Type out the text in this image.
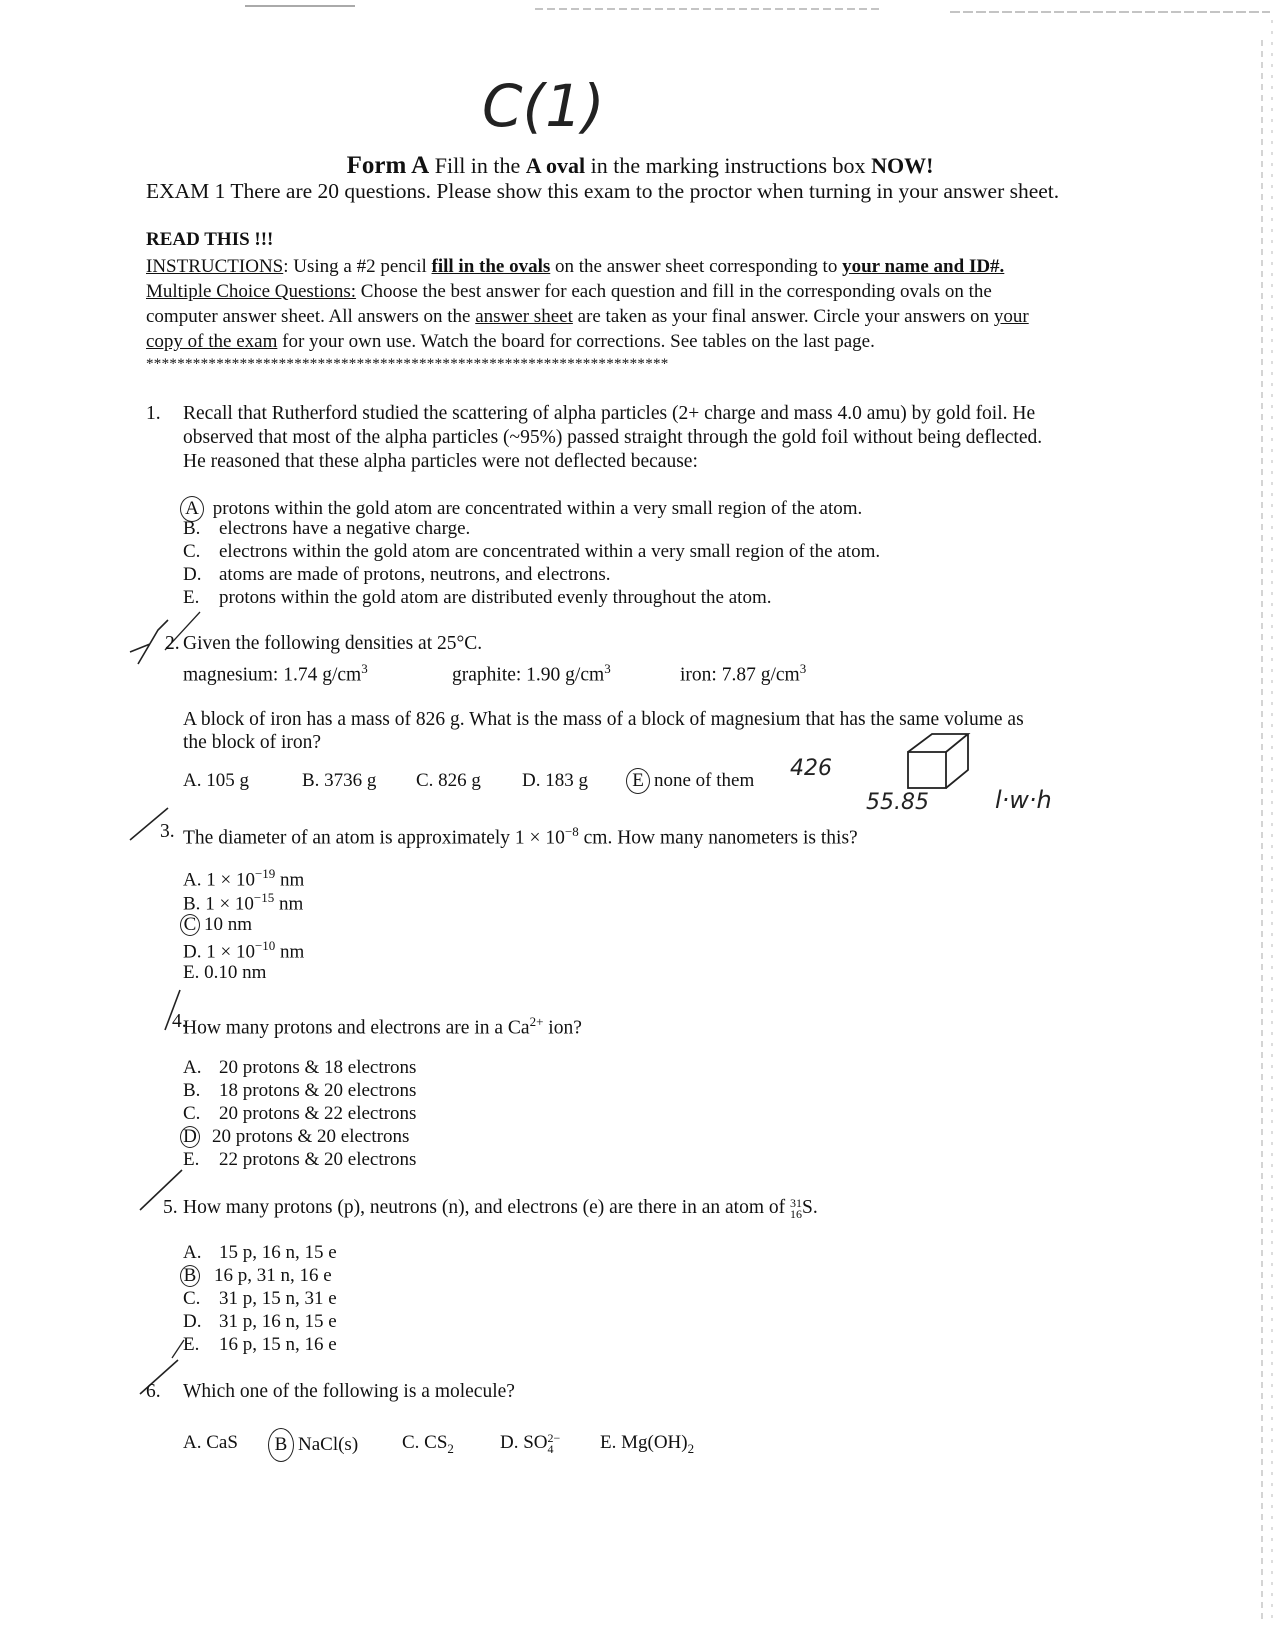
C(1)
Form A Fill in the A oval in the marking instructions box NOW!
EXAM 1 There are 20 questions. Please show this exam to the proctor when turning in your answer sheet.
READ THIS !!!
INSTRUCTIONS: Using a #2 pencil fill in the ovals on the answer sheet corresponding to your name and ID#.
Multiple Choice Questions: Choose the best answer for each question and fill in the corresponding ovals on the
computer answer sheet. All answers on the answer sheet are taken as your final answer. Circle your answers on your
copy of the exam for your own use. Watch the board for corrections. See tables on the last page.
*******************************************************************
1. Recall that Rutherford studied the scattering of alpha particles (2+ charge and mass 4.0 amu) by gold foil. He
observed that most of the alpha particles (~95%) passed straight through the gold foil without being deflected.
He reasoned that these alpha particles were not deflected because:
A protons within the gold atom are concentrated within a very small region of the atom.
B. electrons have a negative charge.
C. electrons within the gold atom are concentrated within a very small region of the atom.
D. atoms are made of protons, neutrons, and electrons.
E. protons within the gold atom are distributed evenly throughout the atom.
2. Given the following densities at 25°C.
magnesium: 1.74 $g/cm^3$	graphite: 1.90 $g/cm^3$	iron: 7.87 $g/cm^3$
A block of iron has a mass of 826 g. What is the mass of a block of magnesium that has the same volume as
the block of iron?
A. 105 g	B. 3736 g C. 826 g D. 183 g	E none of them 426
55.85	l·w·h
3. The diameter of an atom is approximately $1 \times 10^{-8}$ cm. How many nanometers is this?
A. $1 \times 10^{-19}$ nm
B. $1 \times 10^{-15}$ nm
C 10 nm
D. $1 \times 10^{-10}$ nm
E. 0.10 nm
4.
How many protons and electrons are in a $Ca^{2+}$ ion?
A. 20 protons & 18 electrons
B. 18 protons & 20 electrons
C. 20 protons & 22 electrons
D 20 protons & 20 electrons
E. 22 protons & 20 electrons
5. How many protons (p), neutrons (n), and electrons (e) are there in an atom of 31
16S.
A. 15 p, 16 n, 15 e
B 16 p, 31 n, 16 e
C. 31 p, 15 n, 31 e
D. 31 p, 16 n, 15 e
E. 16 p, 15 n, 16 e
6. Which one of the following is a molecule?
A. CaS	B NaCl(s) C. $CS_2$ D. SO2−
4	E. $Mg(OH)_2$
